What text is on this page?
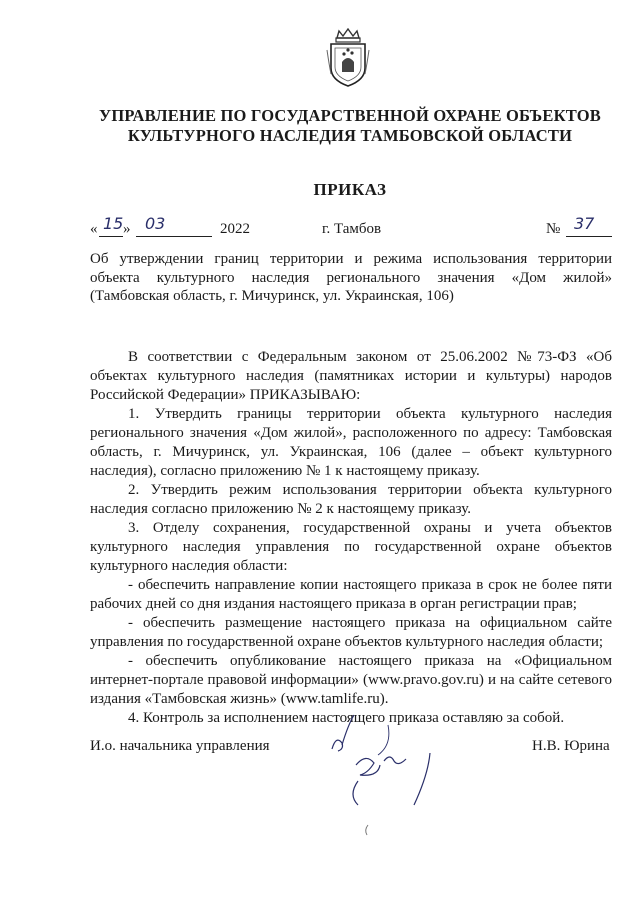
УПРАВЛЕНИЕ ПО ГОСУДАРСТВЕННОЙ ОХРАНЕ ОБЪЕКТОВ
КУЛЬТУРНОГО НАСЛЕДИЯ ТАМБОВСКОЙ ОБЛАСТИ
ПРИКАЗ
« 15 » 03	2022	г. Тамбов	№ 37
Об утверждении границ территории и режима использования территории объекта культурного наследия регионального значения «Дом жилой» (Тамбовская область, г. Мичуринск, ул. Украинская, 106)

В соответствии с Федеральным законом от 25.06.2002 №73-ФЗ «Об объектах культурного наследия (памятниках истории и культуры) народов Российской Федерации» ПРИКАЗЫВАЮ:

1. Утвердить границы территории объекта культурного наследия регионального значения «Дом жилой», расположенного по адресу: Тамбовская область, г. Мичуринск, ул. Украинская, 106 (далее – объект культурного наследия), согласно приложению № 1 к настоящему приказу.

2. Утвердить режим использования территории объекта культурного наследия согласно приложению № 2 к настоящему приказу.

3. Отделу сохранения, государственной охраны и учета объектов культурного наследия управления по государственной охране объектов культурного наследия области:

- обеспечить направление копии настоящего приказа в срок не более пяти рабочих дней со дня издания настоящего приказа в орган регистрации прав;

- обеспечить размещение настоящего приказа на официальном сайте управления по государственной охране объектов культурного наследия области;

- обеспечить опубликование настоящего приказа на «Официальном интернет-портале правовой информации» (www.pravo.gov.ru) и на сайте сетевого издания «Тамбовская жизнь» (www.tamlife.ru).

4. Контроль за исполнением настоящего приказа оставляю за собой.

И.о. начальника управления	Н.В. Юрина
